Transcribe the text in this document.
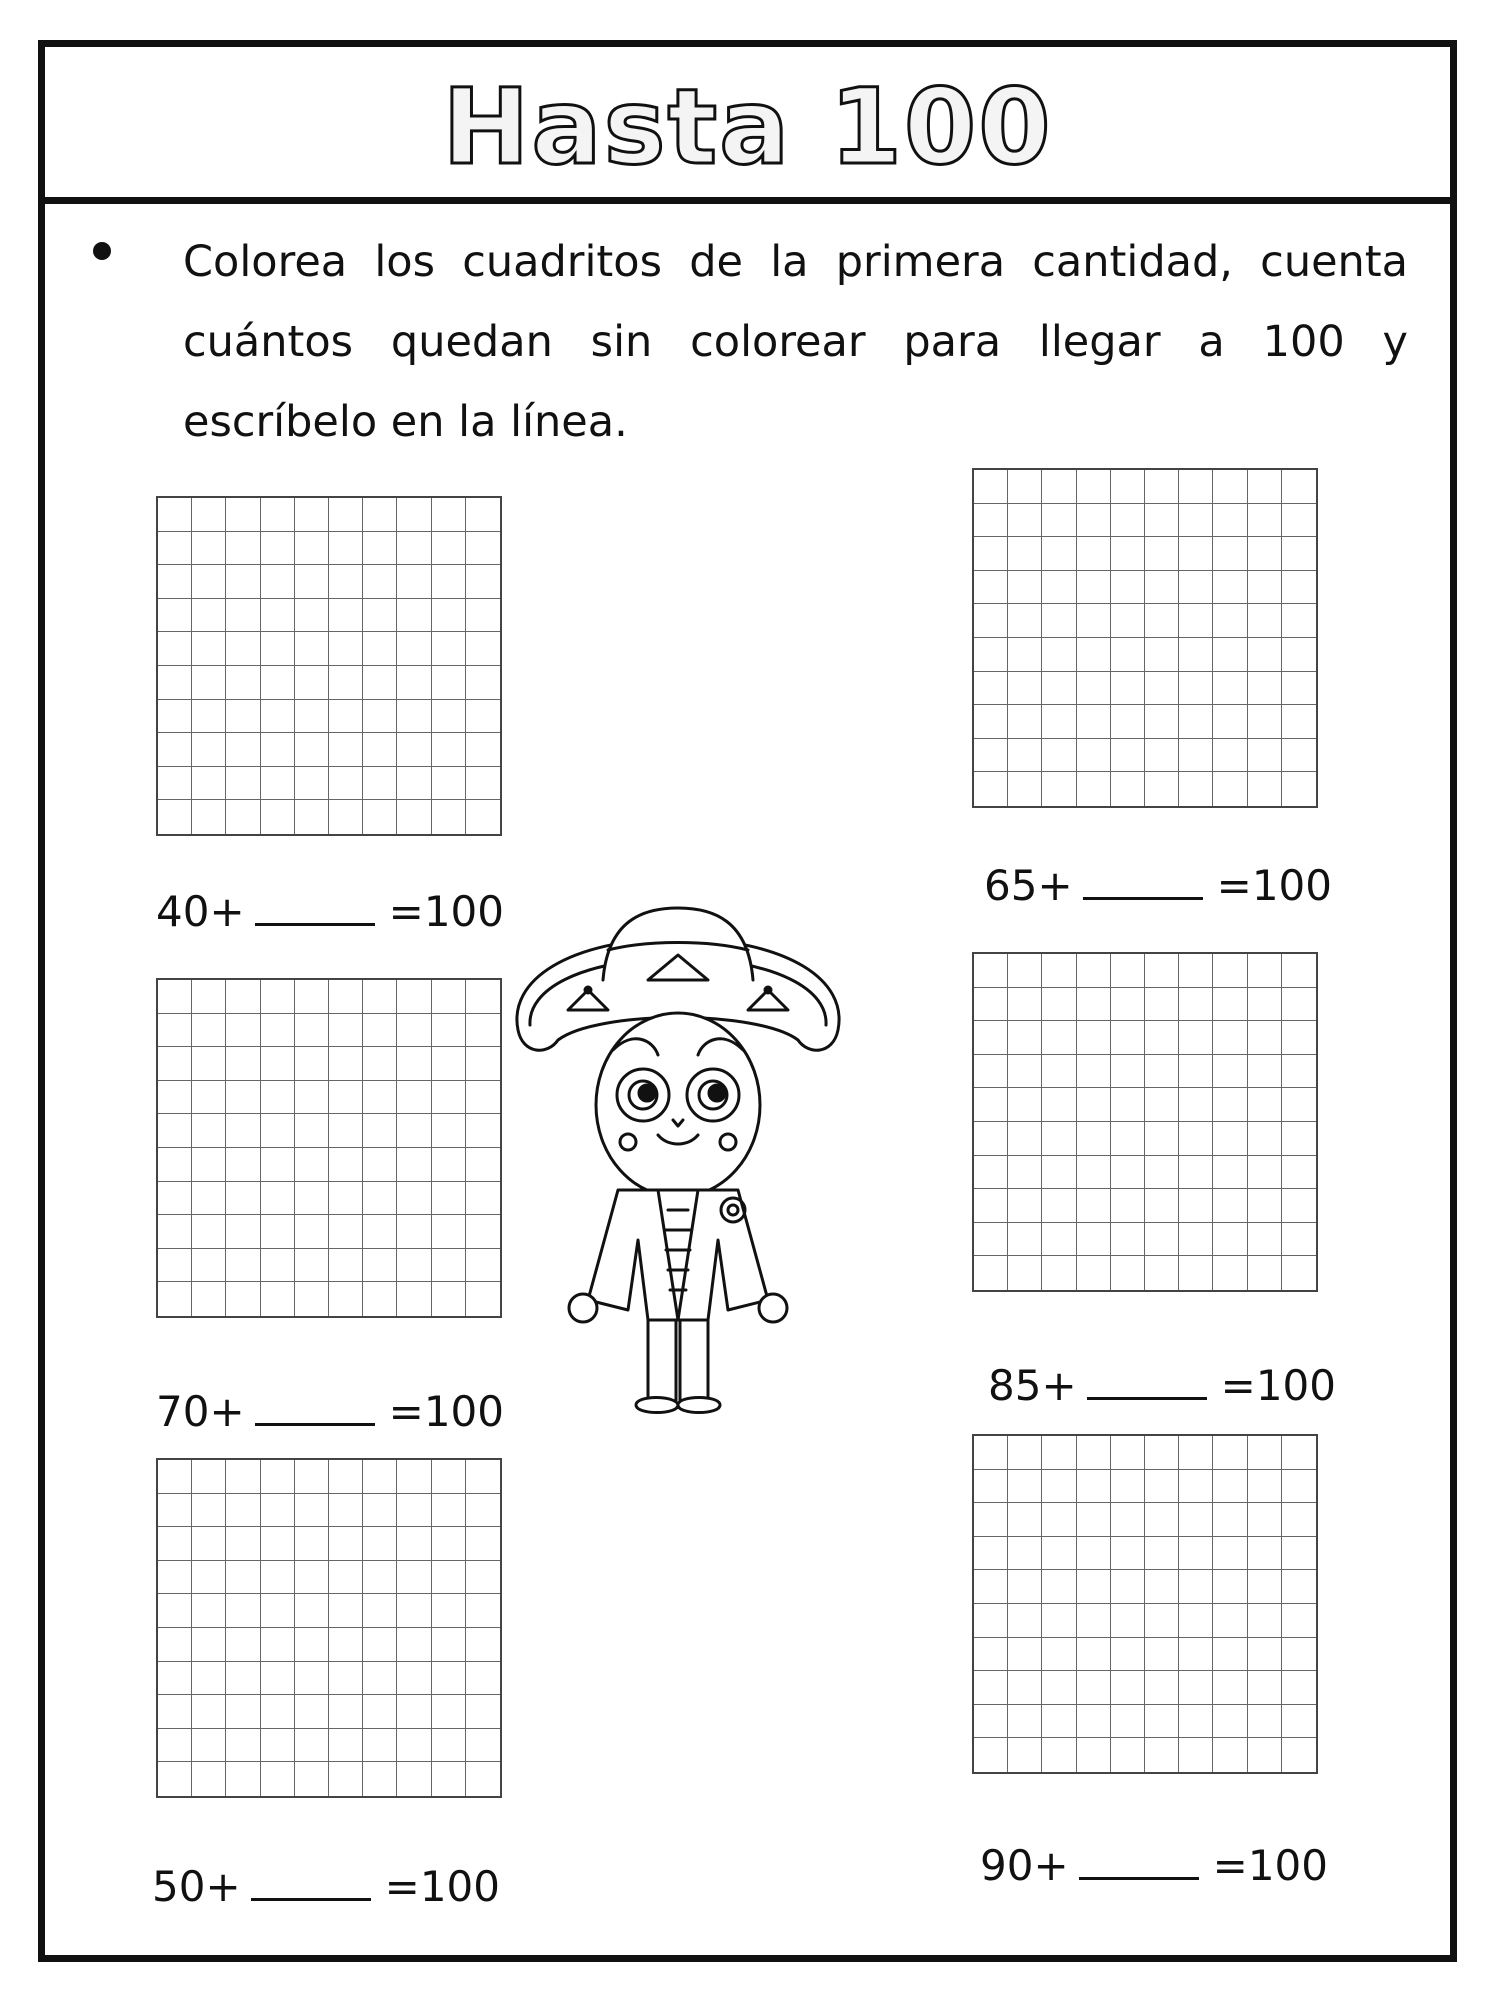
Hasta 100
Colorea los cuadritos de la primera cantidad, cuenta cuántos quedan sin colorear para llegar a 100 y escríbelo en la línea.
40+	=100
70+	=100
50+	=100
65+	=100
85+	=100
90+	=100
